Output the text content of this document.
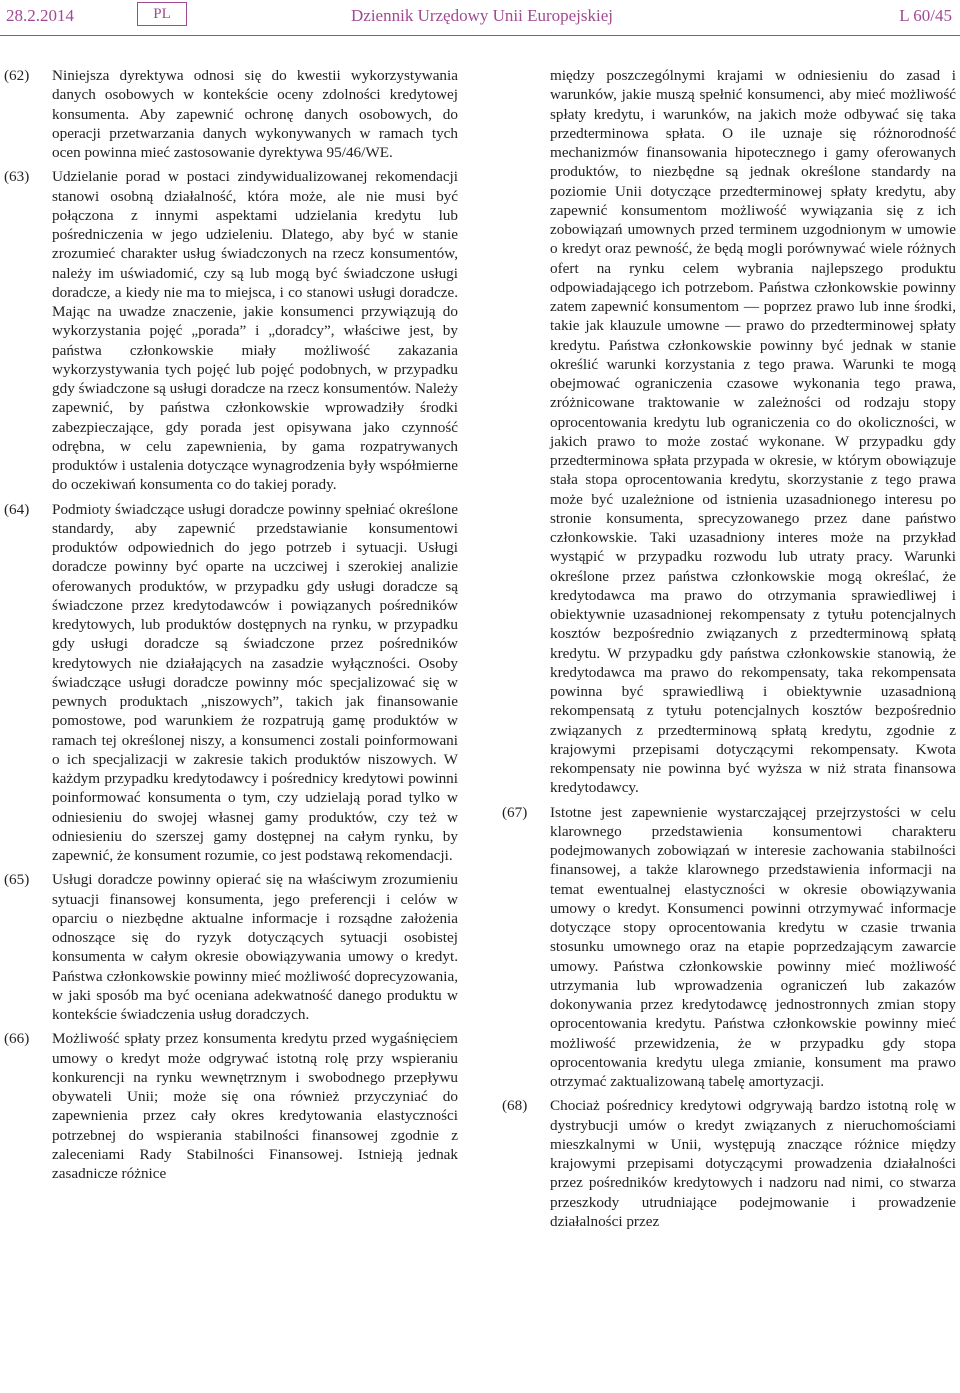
28.2.2014	PL	Dziennik Urzędowy Unii Europejskiej	L 60/45
(62)	Niniejsza dyrektywa odnosi się do kwestii wykorzystywania danych osobowych w kontekście oceny zdolności kredytowej konsumenta. Aby zapewnić ochronę danych osobowych, do operacji przetwarzania danych wykonywanych w ramach tych ocen powinna mieć zastosowanie dyrektywa 95/46/WE.
(63)	Udzielanie porad w postaci zindywidualizowanej rekomendacji stanowi osobną działalność, która może, ale nie musi być połączona z innymi aspektami udzielania kredytu lub pośredniczenia w jego udzieleniu. Dlatego, aby być w stanie zrozumieć charakter usług świadczonych na rzecz konsumentów, należy im uświadomić, czy są lub mogą być świadczone usługi doradcze, a kiedy nie ma to miejsca, i co stanowi usługi doradcze. Mając na uwadze znaczenie, jakie konsumenci przywiązują do wykorzystania pojęć „porada” i „doradcy”, właściwe jest, by państwa członkowskie miały możliwość zakazania wykorzystywania tych pojęć lub pojęć podobnych, w przypadku gdy świadczone są usługi doradcze na rzecz konsumentów. Należy zapewnić, by państwa członkowskie wprowadziły środki zabezpieczające, gdy porada jest opisywana jako czynność odrębna, w celu zapewnienia, by gama rozpatrywanych produktów i ustalenia dotyczące wynagrodzenia były współmierne do oczekiwań konsumenta co do takiej porady.
(64)	Podmioty świadczące usługi doradcze powinny spełniać określone standardy, aby zapewnić przedstawianie konsumentowi produktów odpowiednich do jego potrzeb i sytuacji. Usługi doradcze powinny być oparte na uczciwej i szerokiej analizie oferowanych produktów, w przypadku gdy usługi doradcze są świadczone przez kredytodawców i powiązanych pośredników kredytowych, lub produktów dostępnych na rynku, w przypadku gdy usługi doradcze są świadczone przez pośredników kredytowych nie działających na zasadzie wyłączności. Osoby świadczące usługi doradcze powinny móc specjalizować się w pewnych produktach „niszowych”, takich jak finansowanie pomostowe, pod warunkiem że rozpatrują gamę produktów w ramach tej określonej niszy, a konsumenci zostali poinformowani o ich specjalizacji w zakresie takich produktów niszowych. W każdym przypadku kredytodawcy i pośrednicy kredytowi powinni poinformować konsumenta o tym, czy udzielają porad tylko w odniesieniu do swojej własnej gamy produktów, czy też w odniesieniu do szerszej gamy dostępnej na całym rynku, by zapewnić, że konsument rozumie, co jest podstawą rekomendacji.
(65)	Usługi doradcze powinny opierać się na właściwym zrozumieniu sytuacji finansowej konsumenta, jego preferencji i celów w oparciu o niezbędne aktualne informacje i rozsądne założenia odnoszące się do ryzyk dotyczących sytuacji osobistej konsumenta w całym okresie obowiązywania umowy o kredyt. Państwa członkowskie powinny mieć możliwość doprecyzowania, w jaki sposób ma być oceniana adekwatność danego produktu w kontekście świadczenia usług doradczych.
(66)	Możliwość spłaty przez konsumenta kredytu przed wygaśnięciem umowy o kredyt może odgrywać istotną rolę przy wspieraniu konkurencji na rynku wewnętrznym i swobodnego przepływu obywateli Unii; może się ona również przyczyniać do zapewnienia przez cały okres kredytowania elastyczności potrzebnej do wspierania stabilności finansowej zgodnie z zaleceniami Rady Stabilności Finansowej. Istnieją jednak zasadnicze różnice
między poszczególnymi krajami w odniesieniu do zasad i warunków, jakie muszą spełnić konsumenci, aby mieć możliwość spłaty kredytu, i warunków, na jakich może odbywać się taka przedterminowa spłata. O ile uznaje się różnorodność mechanizmów finansowania hipotecznego i gamy oferowanych produktów, to niezbędne są jednak określone standardy na poziomie Unii dotyczące przedterminowej spłaty kredytu, aby zapewnić konsumentom możliwość wywiązania się z ich zobowiązań umownych przed terminem uzgodnionym w umowie o kredyt oraz pewność, że będą mogli porównywać wiele różnych ofert na rynku celem wybrania najlepszego produktu odpowiadającego ich potrzebom. Państwa członkowskie powinny zatem zapewnić konsumentom — poprzez prawo lub inne środki, takie jak klauzule umowne — prawo do przedterminowej spłaty kredytu. Państwa członkowskie powinny być jednak w stanie określić warunki korzystania z tego prawa. Warunki te mogą obejmować ograniczenia czasowe wykonania tego prawa, zróżnicowane traktowanie w zależności od rodzaju stopy oprocentowania kredytu lub ograniczenia co do okoliczności, w jakich prawo to może zostać wykonane. W przypadku gdy przedterminowa spłata przypada w okresie, w którym obowiązuje stała stopa oprocentowania kredytu, skorzystanie z tego prawa może być uzależnione od istnienia uzasadnionego interesu po stronie konsumenta, sprecyzowanego przez dane państwo członkowskie. Taki uzasadniony interes może na przykład wystąpić w przypadku rozwodu lub utraty pracy. Warunki określone przez państwa członkowskie mogą określać, że kredytodawca ma prawo do otrzymania sprawiedliwej i obiektywnie uzasadnionej rekompensaty z tytułu potencjalnych kosztów bezpośrednio związanych z przedterminową spłatą kredytu. W przypadku gdy państwa członkowskie stanowią, że kredytodawca ma prawo do rekompensaty, taka rekompensata powinna być sprawiedliwą i obiektywnie uzasadnioną rekompensatą z tytułu potencjalnych kosztów bezpośrednio związanych z przedterminową spłatą kredytu, zgodnie z krajowymi przepisami dotyczącymi rekompensaty. Kwota rekompensaty nie powinna być wyższa w niż strata finansowa kredytodawcy.
(67)	Istotne jest zapewnienie wystarczającej przejrzystości w celu klarownego przedstawienia konsumentowi charakteru podejmowanych zobowiązań w interesie zachowania stabilności finansowej, a także klarownego przedstawienia informacji na temat ewentualnej elastyczności w okresie obowiązywania umowy o kredyt. Konsumenci powinni otrzymywać informacje dotyczące stopy oprocentowania kredytu w czasie trwania stosunku umownego oraz na etapie poprzedzającym zawarcie umowy. Państwa członkowskie powinny mieć możliwość utrzymania lub wprowadzenia ograniczeń lub zakazów dokonywania przez kredytodawcę jednostronnych zmian stopy oprocentowania kredytu. Państwa członkowskie powinny mieć możliwość przewidzenia, że w przypadku gdy stopa oprocentowania kredytu ulega zmianie, konsument ma prawo otrzymać zaktualizowaną tabelę amortyzacji.
(68)	Chociaż pośrednicy kredytowi odgrywają bardzo istotną rolę w dystrybucji umów o kredyt związanych z nieruchomościami mieszkalnymi w Unii, występują znaczące różnice między krajowymi przepisami dotyczącymi prowadzenia działalności przez pośredników kredytowych i nadzoru nad nimi, co stwarza przeszkody utrudniające podejmowanie i prowadzenie działalności przez
